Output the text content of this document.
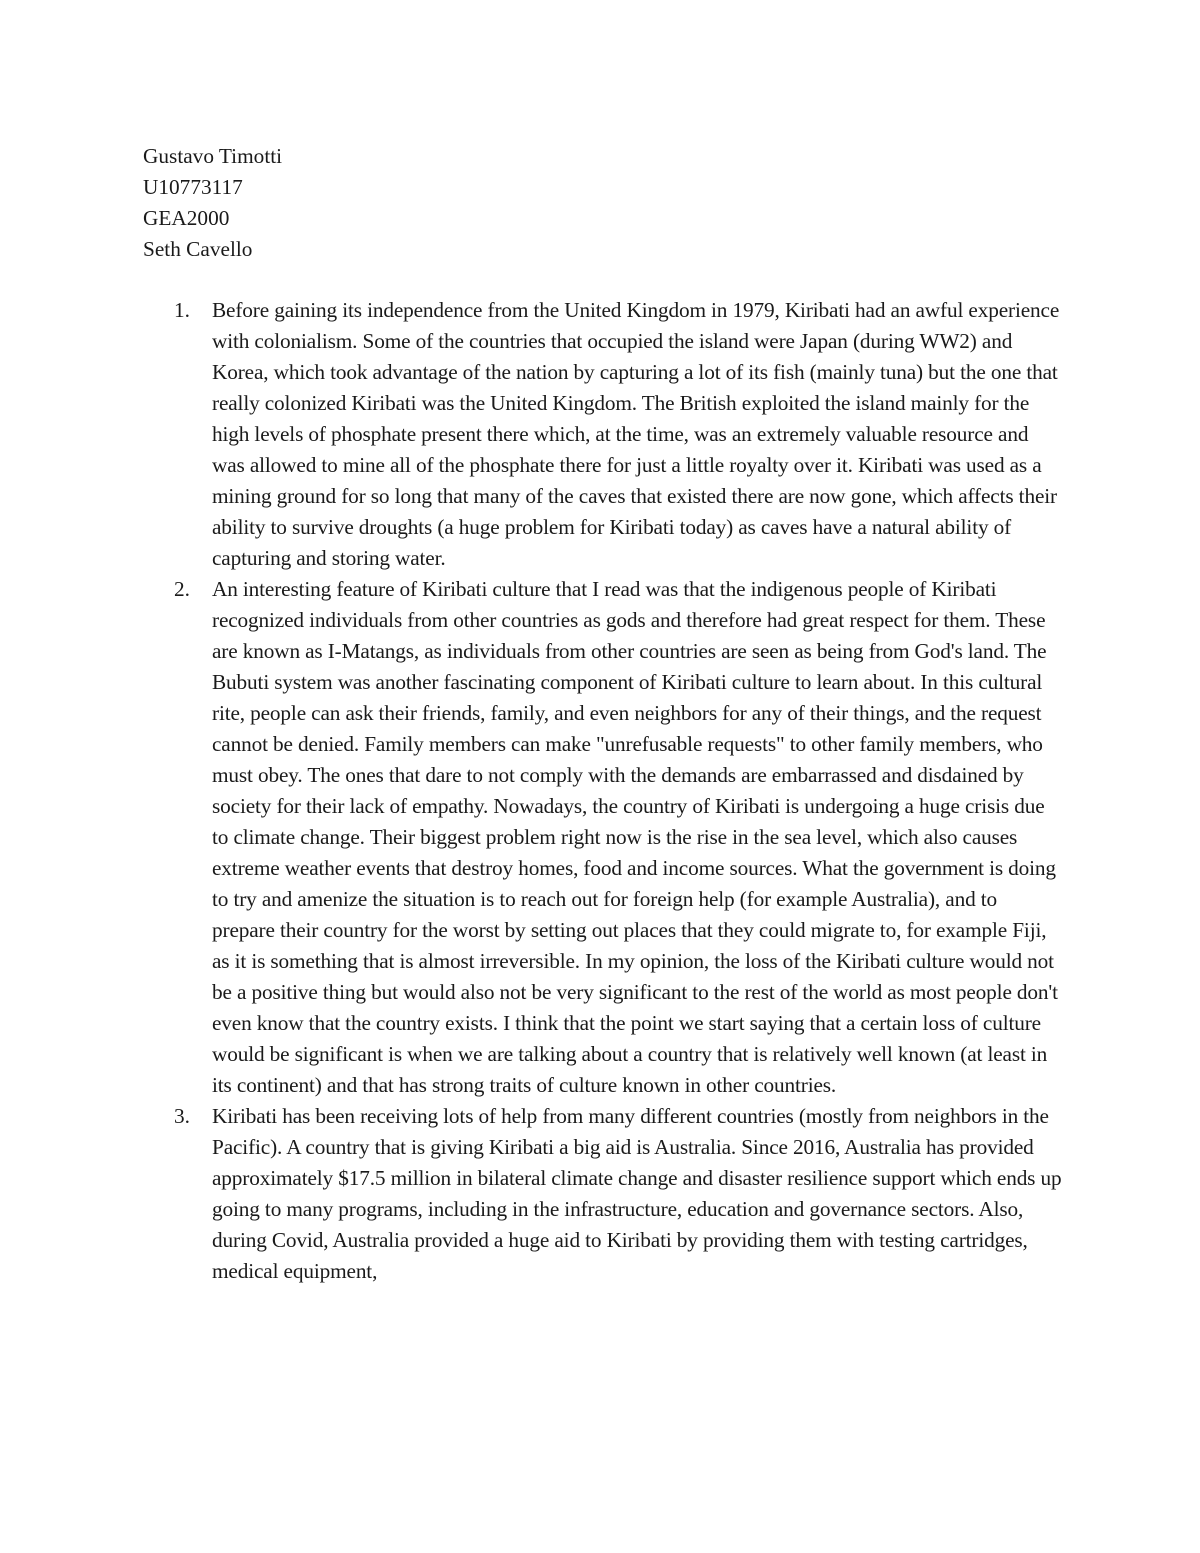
Gustavo Timotti
U10773117
GEA2000
Seth Cavello
1. Before gaining its independence from the United Kingdom in 1979, Kiribati had an awful experience with colonialism. Some of the countries that occupied the island were Japan (during WW2) and Korea, which took advantage of the nation by capturing a lot of its fish (mainly tuna) but the one that really colonized Kiribati was the United Kingdom. The British exploited the island mainly for the high levels of phosphate present there which, at the time, was an extremely valuable resource and was allowed to mine all of the phosphate there for just a little royalty over it. Kiribati was used as a mining ground for so long that many of the caves that existed there are now gone, which affects their ability to survive droughts (a huge problem for Kiribati today) as caves have a natural ability of capturing and storing water.
2. An interesting feature of Kiribati culture that I read was that the indigenous people of Kiribati recognized individuals from other countries as gods and therefore had great respect for them. These are known as I-Matangs, as individuals from other countries are seen as being from God's land. The Bubuti system was another fascinating component of Kiribati culture to learn about. In this cultural rite, people can ask their friends, family, and even neighbors for any of their things, and the request cannot be denied. Family members can make "unrefusable requests" to other family members, who must obey. The ones that dare to not comply with the demands are embarrassed and disdained by society for their lack of empathy. Nowadays, the country of Kiribati is undergoing a huge crisis due to climate change. Their biggest problem right now is the rise in the sea level, which also causes extreme weather events that destroy homes, food and income sources. What the government is doing to try and amenize the situation is to reach out for foreign help (for example Australia), and to prepare their country for the worst by setting out places that they could migrate to, for example Fiji, as it is something that is almost irreversible. In my opinion, the loss of the Kiribati culture would not be a positive thing but would also not be very significant to the rest of the world as most people don't even know that the country exists. I think that the point we start saying that a certain loss of culture would be significant is when we are talking about a country that is relatively well known (at least in its continent) and that has strong traits of culture known in other countries.
3. Kiribati has been receiving lots of help from many different countries (mostly from neighbors in the Pacific). A country that is giving Kiribati a big aid is Australia. Since 2016, Australia has provided approximately $17.5 million in bilateral climate change and disaster resilience support which ends up going to many programs, including in the infrastructure, education and governance sectors. Also, during Covid, Australia provided a huge aid to Kiribati by providing them with testing cartridges, medical equipment,
